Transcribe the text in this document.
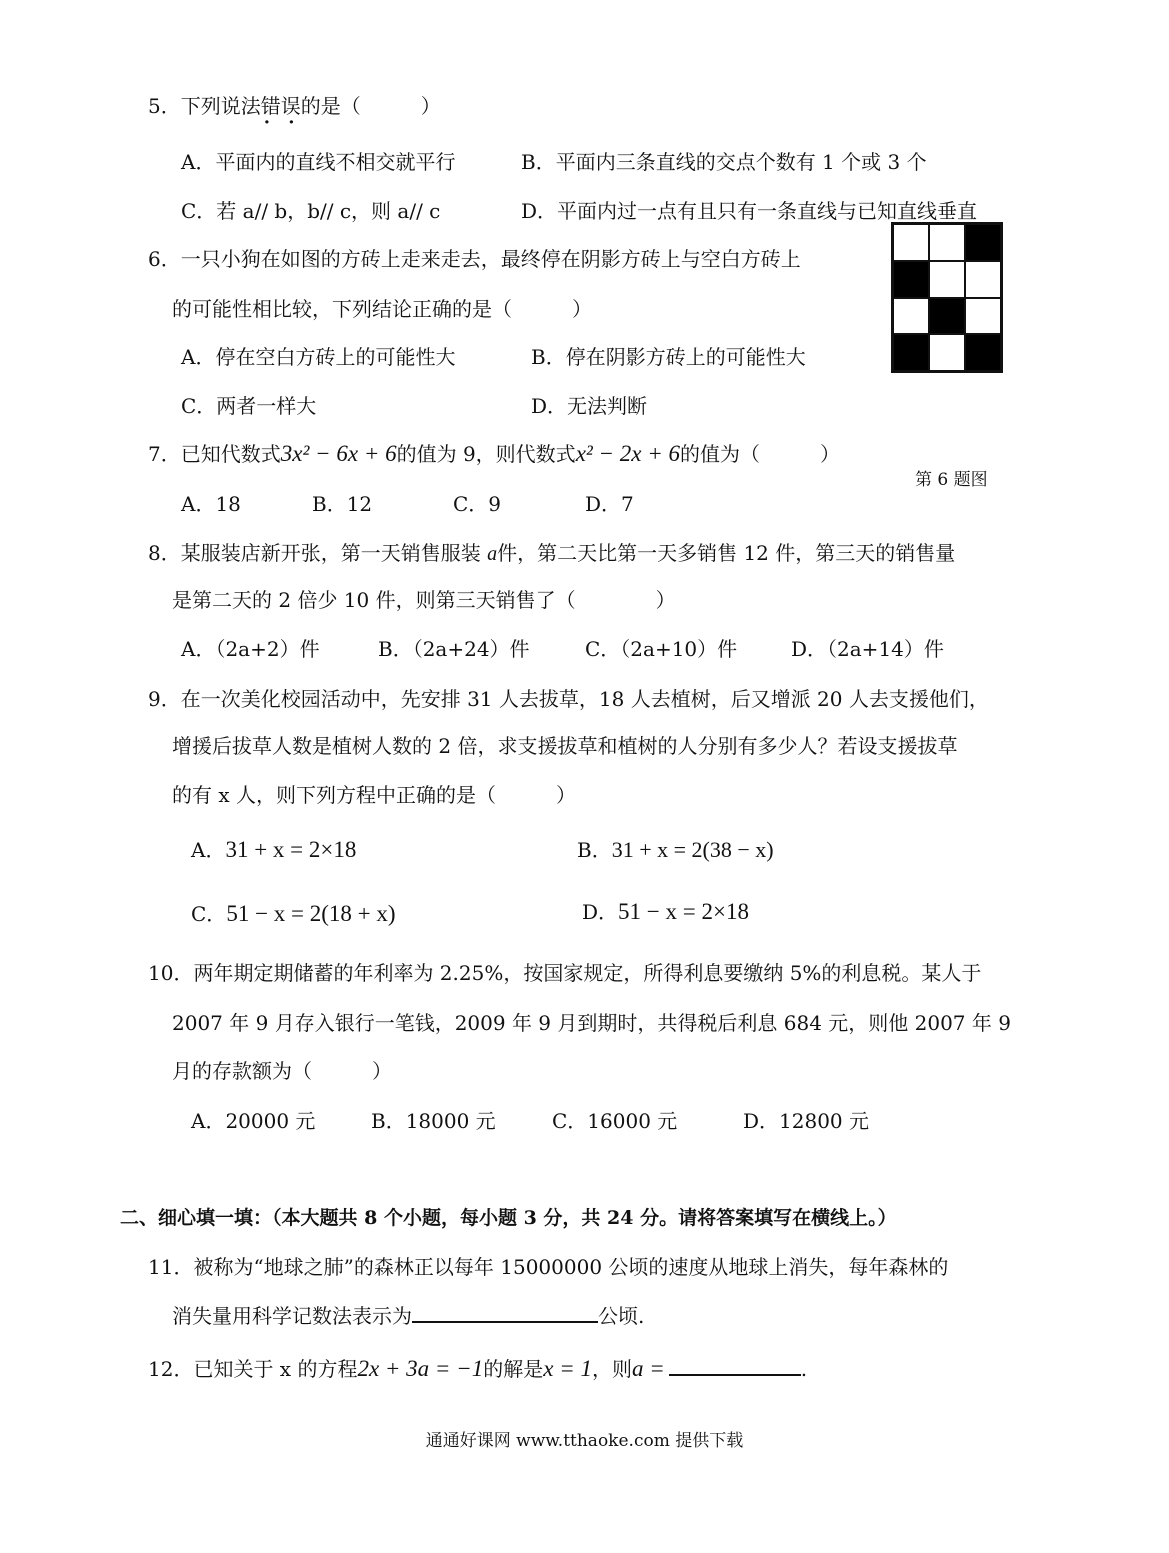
5．下列说法错误 · ·的是（　　　）
A．平面内的直线不相交就平行	B．平面内三条直线的交点个数有 1 个或 3 个
C．若 a// b，b// c，则 a// c	D．平面内过一点有且只有一条直线与已知直线垂直
6．一只小狗在如图的方砖上走来走去，最终停在阴影方砖上与空白方砖上
的可能性相比较，下列结论正确的是（　　　）
A．停在空白方砖上的可能性大	B．停在阴影方砖上的可能性大
C．两者一样大	D．无法判断
第 6 题图
7．已知代数式3x² − 6x + 6的值为 9，则代数式x² − 2x + 6的值为（　　　）
A．18	B．12	C．9	D．7
8．某服装店新开张，第一天销售服装 a件，第二天比第一天多销售 12 件，第三天的销售量
是第二天的 2 倍少 10 件，则第三天销售了（　　　　）
A．（2a+2）件	B．（2a+24）件	C．（2a+10）件	D．（2a+14）件
9．在一次美化校园活动中，先安排 31 人去拔草，18 人去植树，后又增派 20 人去支援他们，
增援后拔草人数是植树人数的 2 倍，求支援拔草和植树的人分别有多少人？若设支援拔草
的有 x 人，则下列方程中正确的是（　　　）
A．31 + x = 2×18	B．31 + x = 2(38 − x)
C．51 − x = 2(18 + x)	D．51 − x = 2×18
10．两年期定期储蓄的年利率为 2.25%，按国家规定，所得利息要缴纳 5%的利息税。某人于
2007 年 9 月存入银行一笔钱，2009 年 9 月到期时，共得税后利息 684 元，则他 2007 年 9
月的存款额为（　　　）
A．20000 元	B．18000 元	C．16000 元	D．12800 元
二、细心填一填：（本大题共 8 个小题，每小题 3 分，共 24 分。请将答案填写在横线上。）
11．被称为“地球之肺”的森林正以每年 15000000 公顷的速度从地球上消失，每年森林的
消失量用科学记数法表示为	公顷.
12．已知关于 x 的方程2x + 3a = −1的解是x = 1，则a =	.
通通好课网 www.tthaoke.com 提供下载
